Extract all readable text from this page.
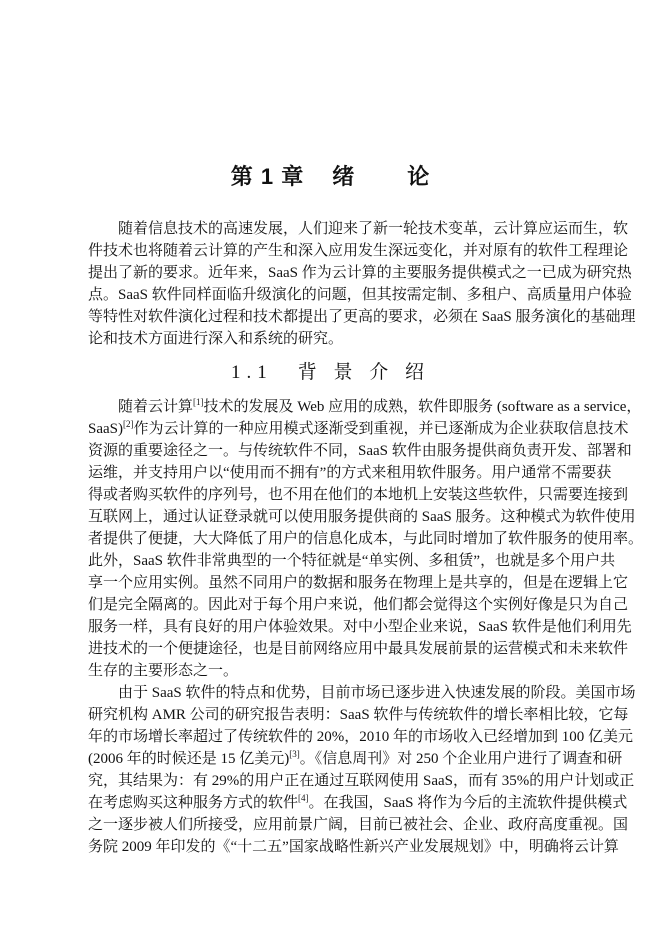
第 1 章 绪 论
随着信息技术的高速发展，人们迎来了新一轮技术变革，云计算应运而生，软
件技术也将随着云计算的产生和深入应用发生深远变化，并对原有的软件工程理论
提出了新的要求。近年来，SaaS 作为云计算的主要服务提供模式之一已成为研究热
点。SaaS 软件同样面临升级演化的问题，但其按需定制、多租户、高质量用户体验
等特性对软件演化过程和技术都提出了更高的要求，必须在 SaaS 服务演化的基础理
论和技术方面进行深入和系统的研究。
1.1　背 景 介 绍
随着云计算[1]技术的发展及 Web 应用的成熟，软件即服务 (software as a service，
SaaS)[2]作为云计算的一种应用模式逐渐受到重视，并已逐渐成为企业获取信息技术
资源的重要途径之一。与传统软件不同，SaaS 软件由服务提供商负责开发、部署和
运维，并支持用户以“使用而不拥有”的方式来租用软件服务。用户通常不需要获
得或者购买软件的序列号，也不用在他们的本地机上安装这些软件，只需要连接到
互联网上，通过认证登录就可以使用服务提供商的 SaaS 服务。这种模式为软件使用
者提供了便捷，大大降低了用户的信息化成本，与此同时增加了软件服务的使用率。
此外，SaaS 软件非常典型的一个特征就是“单实例、多租赁”，也就是多个用户共
享一个应用实例。虽然不同用户的数据和服务在物理上是共享的，但是在逻辑上它
们是完全隔离的。因此对于每个用户来说，他们都会觉得这个实例好像是只为自己
服务一样，具有良好的用户体验效果。对中小型企业来说，SaaS 软件是他们利用先
进技术的一个便捷途径，也是目前网络应用中最具发展前景的运营模式和未来软件
生存的主要形态之一。
由于 SaaS 软件的特点和优势，目前市场已逐步进入快速发展的阶段。美国市场
研究机构 AMR 公司的研究报告表明：SaaS 软件与传统软件的增长率相比较，它每
年的市场增长率超过了传统软件的 20%，2010 年的市场收入已经增加到 100 亿美元
(2006 年的时候还是 15 亿美元)[3]。《信息周刊》对 250 个企业用户进行了调查和研
究，其结果为：有 29%的用户正在通过互联网使用 SaaS，而有 35%的用户计划或正
在考虑购买这种服务方式的软件[4]。在我国，SaaS 将作为今后的主流软件提供模式
之一逐步被人们所接受，应用前景广阔，目前已被社会、企业、政府高度重视。国
务院 2009 年印发的《“十二五”国家战略性新兴产业发展规划》中，明确将云计算
